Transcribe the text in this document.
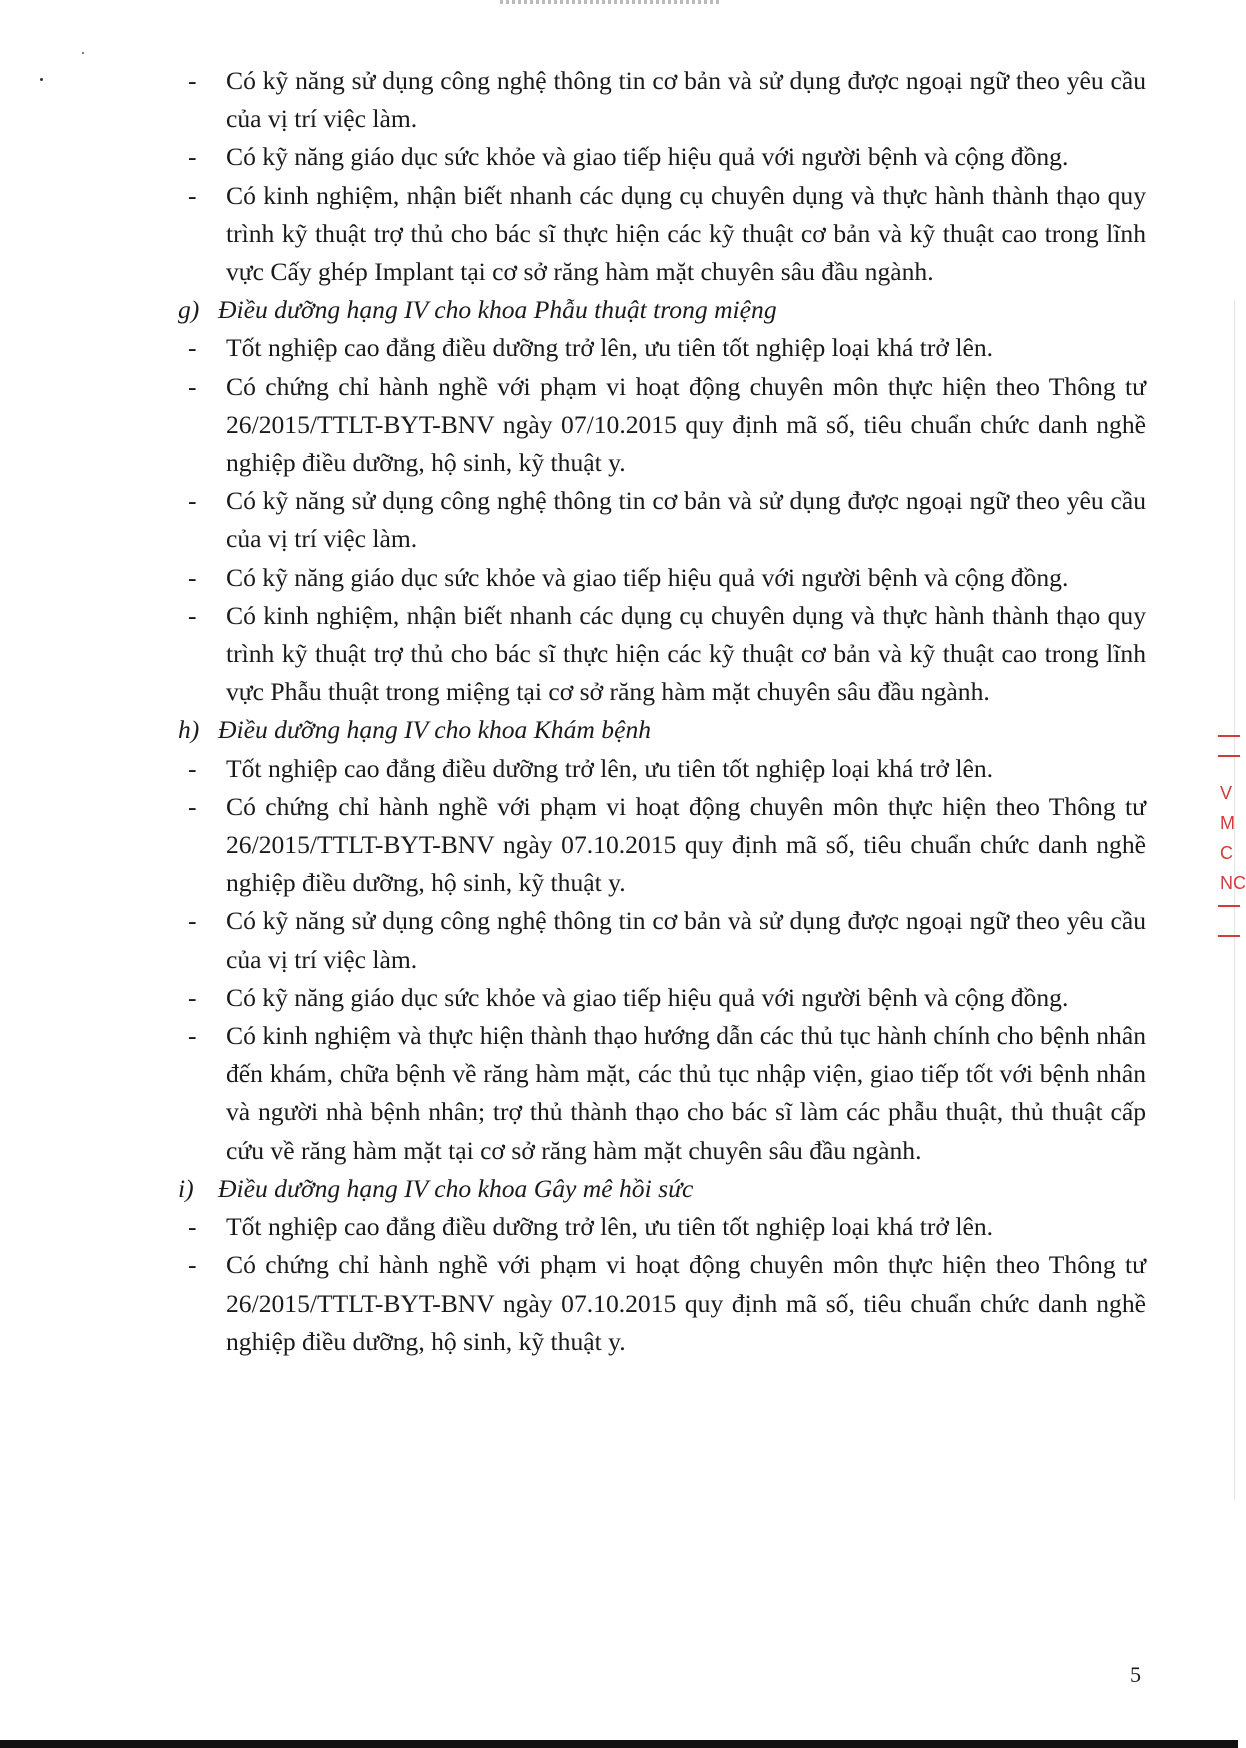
- Có kỹ năng sử dụng công nghệ thông tin cơ bản và sử dụng được ngoại ngữ theo yêu cầu của vị trí việc làm.

- Có kỹ năng giáo dục sức khỏe và giao tiếp hiệu quả với người bệnh và cộng đồng.

- Có kinh nghiệm, nhận biết nhanh các dụng cụ chuyên dụng và thực hành thành thạo quy trình kỹ thuật trợ thủ cho bác sĩ thực hiện các kỹ thuật cơ bản và kỹ thuật cao trong lĩnh vực Cấy ghép Implant tại cơ sở răng hàm mặt chuyên sâu đầu ngành.

g) Điều dưỡng hạng IV cho khoa Phẫu thuật trong miệng

- Tốt nghiệp cao đẳng điều dưỡng trở lên, ưu tiên tốt nghiệp loại khá trở lên.

- Có chứng chỉ hành nghề với phạm vi hoạt động chuyên môn thực hiện theo Thông tư 26/2015/TTLT-BYT-BNV ngày 07/10.2015 quy định mã số, tiêu chuẩn chức danh nghề nghiệp điều dưỡng, hộ sinh, kỹ thuật y.

- Có kỹ năng sử dụng công nghệ thông tin cơ bản và sử dụng được ngoại ngữ theo yêu cầu của vị trí việc làm.

- Có kỹ năng giáo dục sức khỏe và giao tiếp hiệu quả với người bệnh và cộng đồng.

- Có kinh nghiệm, nhận biết nhanh các dụng cụ chuyên dụng và thực hành thành thạo quy trình kỹ thuật trợ thủ cho bác sĩ thực hiện các kỹ thuật cơ bản và kỹ thuật cao trong lĩnh vực Phẫu thuật trong miệng tại cơ sở răng hàm mặt chuyên sâu đầu ngành.

h) Điều dưỡng hạng IV cho khoa Khám bệnh

- Tốt nghiệp cao đẳng điều dưỡng trở lên, ưu tiên tốt nghiệp loại khá trở lên.

- Có chứng chỉ hành nghề với phạm vi hoạt động chuyên môn thực hiện theo Thông tư 26/2015/TTLT-BYT-BNV ngày 07.10.2015 quy định mã số, tiêu chuẩn chức danh nghề nghiệp điều dưỡng, hộ sinh, kỹ thuật y.

- Có kỹ năng sử dụng công nghệ thông tin cơ bản và sử dụng được ngoại ngữ theo yêu cầu của vị trí việc làm.

- Có kỹ năng giáo dục sức khỏe và giao tiếp hiệu quả với người bệnh và cộng đồng.

- Có kinh nghiệm và thực hiện thành thạo hướng dẫn các thủ tục hành chính cho bệnh nhân đến khám, chữa bệnh về răng hàm mặt, các thủ tục nhập viện, giao tiếp tốt với bệnh nhân và người nhà bệnh nhân; trợ thủ thành thạo cho bác sĩ làm các phẫu thuật, thủ thuật cấp cứu về răng hàm mặt tại cơ sở răng hàm mặt chuyên sâu đầu ngành.

i) Điều dưỡng hạng IV cho khoa Gây mê hồi sức

- Tốt nghiệp cao đẳng điều dưỡng trở lên, ưu tiên tốt nghiệp loại khá trở lên.

- Có chứng chỉ hành nghề với phạm vi hoạt động chuyên môn thực hiện theo Thông tư 26/2015/TTLT-BYT-BNV ngày 07.10.2015 quy định mã số, tiêu chuẩn chức danh nghề nghiệp điều dưỡng, hộ sinh, kỹ thuật y.

V
M
C
NC
5
